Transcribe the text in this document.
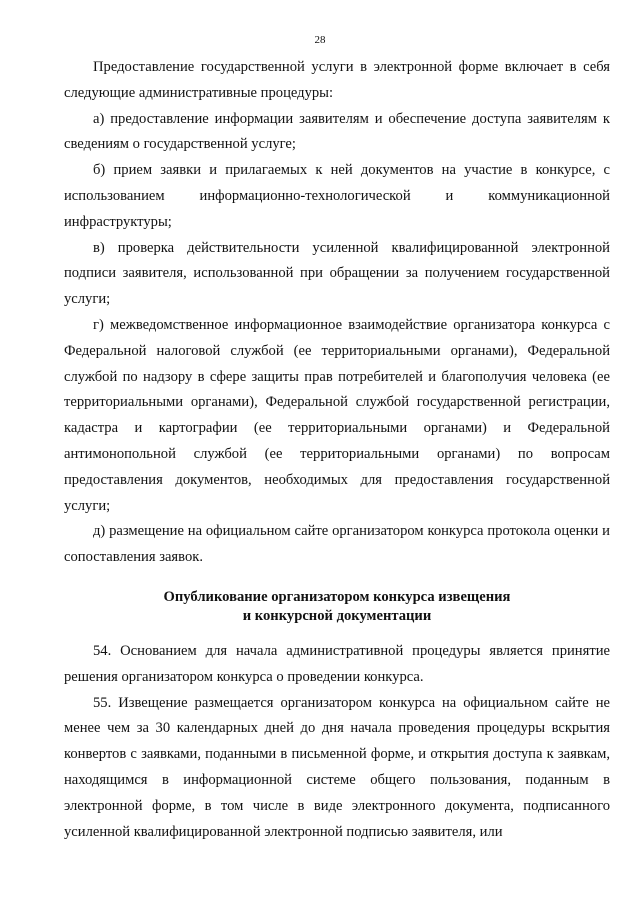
28

Предоставление государственной услуги в электронной форме включает в себя следующие административные процедуры:

а) предоставление информации заявителям и обеспечение доступа заявителям к сведениям о государственной услуге;

б) прием заявки и прилагаемых к ней документов на участие в конкурсе, с использованием информационно-технологической и коммуникационной инфраструктуры;

в) проверка действительности усиленной квалифицированной электронной подписи заявителя, использованной при обращении за получением государственной услуги;

г) межведомственное информационное взаимодействие организатора конкурса с Федеральной налоговой службой (ее территориальными органами), Федеральной службой по надзору в сфере защиты прав потребителей и благополучия человека (ее территориальными органами), Федеральной службой государственной регистрации, кадастра и картографии (ее территориальными органами) и Федеральной антимонопольной службой (ее территориальными органами) по вопросам предоставления документов, необходимых для предоставления государственной услуги;

д) размещение на официальном сайте организатором конкурса протокола оценки и сопоставления заявок.

Опубликование организатором конкурса извещения
и конкурсной документации

54. Основанием для начала административной процедуры является принятие решения организатором конкурса о проведении конкурса.

55. Извещение размещается организатором конкурса на официальном сайте не менее чем за 30 календарных дней до дня начала проведения процедуры вскрытия конвертов с заявками, поданными в письменной форме, и открытия доступа к заявкам, находящимся в информационной системе общего пользования, поданным в электронной форме, в том числе в виде электронного документа, подписанного усиленной квалифицированной электронной подписью заявителя, или
